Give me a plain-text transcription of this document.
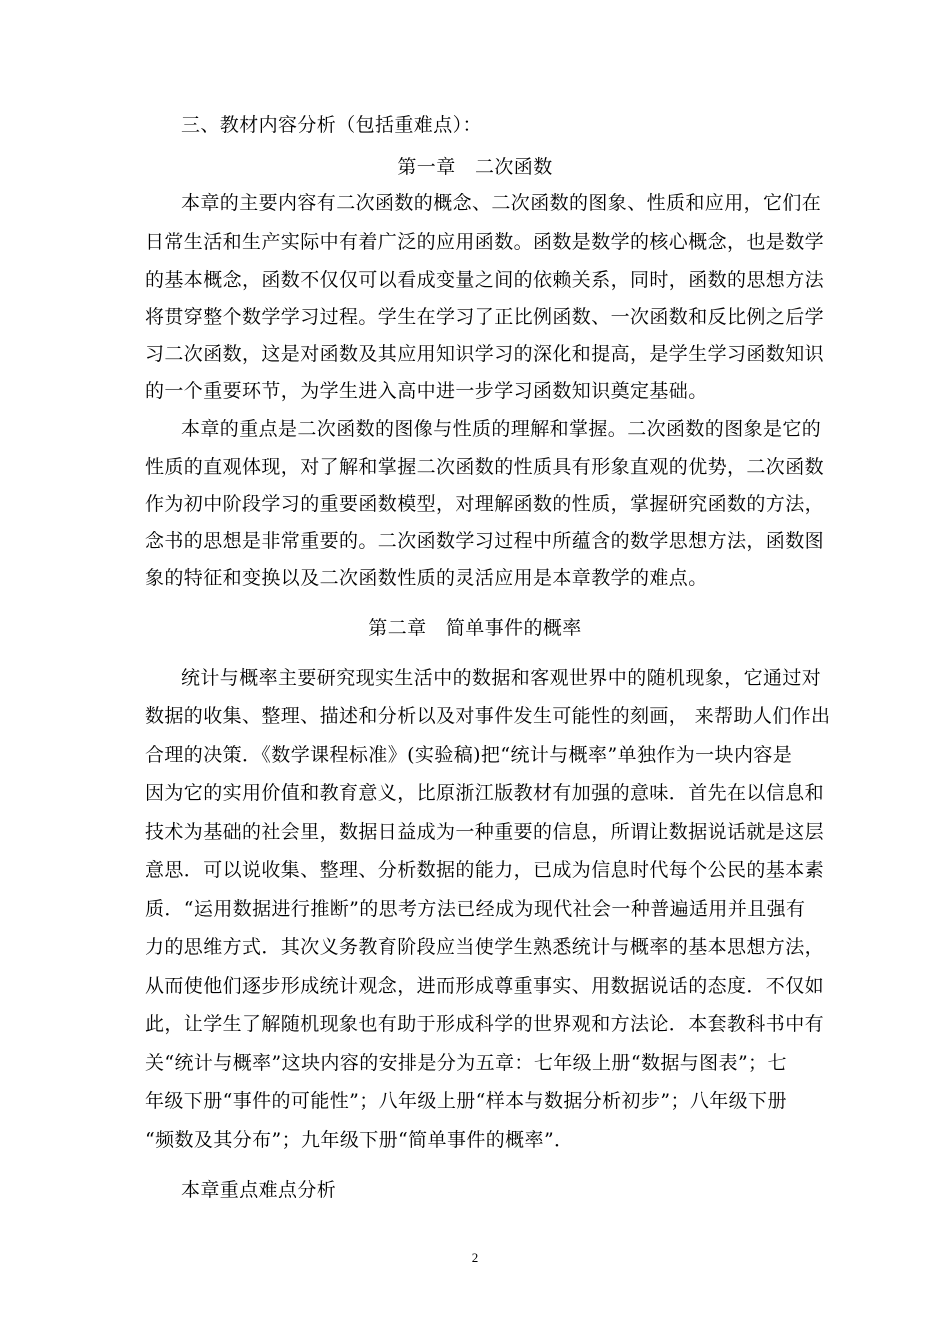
三、教材内容分析（包括重难点）：
第一章　二次函数
本章的主要内容有二次函数的概念、二次函数的图象、性质和应用，它们在
日常生活和生产实际中有着广泛的应用函数。函数是数学的核心概念，也是数学
的基本概念，函数不仅仅可以看成变量之间的依赖关系，同时，函数的思想方法
将贯穿整个数学学习过程。学生在学习了正比例函数、一次函数和反比例之后学
习二次函数，这是对函数及其应用知识学习的深化和提高，是学生学习函数知识
的一个重要环节，为学生进入高中进一步学习函数知识奠定基础。
本章的重点是二次函数的图像与性质的理解和掌握。二次函数的图象是它的
性质的直观体现，对了解和掌握二次函数的性质具有形象直观的优势，二次函数
作为初中阶段学习的重要函数模型，对理解函数的性质，掌握研究函数的方法，
念书的思想是非常重要的。二次函数学习过程中所蕴含的数学思想方法，函数图
象的特征和变换以及二次函数性质的灵活应用是本章教学的难点。
第二章　简单事件的概率
统计与概率主要研究现实生活中的数据和客观世界中的随机现象，它通过对
数据的收集、整理、描述和分析以及对事件发生可能性的刻画， 来帮助人们作出
合理的决策．《数学课程标准》(实验稿)把“统计与概率”单独作为一块内容是
因为它的实用价值和教育意义，比原浙江版教材有加强的意味．首先在以信息和
技术为基础的社会里，数据日益成为一种重要的信息，所谓让数据说话就是这层
意思．可以说收集、整理、分析数据的能力，已成为信息时代每个公民的基本素
质．“运用数据进行推断”的思考方法已经成为现代社会一种普遍适用并且强有
力的思维方式．其次义务教育阶段应当使学生熟悉统计与概率的基本思想方法，
从而使他们逐步形成统计观念，进而形成尊重事实、用数据说话的态度．不仅如
此，让学生了解随机现象也有助于形成科学的世界观和方法论．本套教科书中有
关“统计与概率”这块内容的安排是分为五章：七年级上册“数据与图表”；七
年级下册“事件的可能性”；八年级上册“样本与数据分析初步”；八年级下册
“频数及其分布”；九年级下册“简单事件的概率”．
本章重点难点分析
2
